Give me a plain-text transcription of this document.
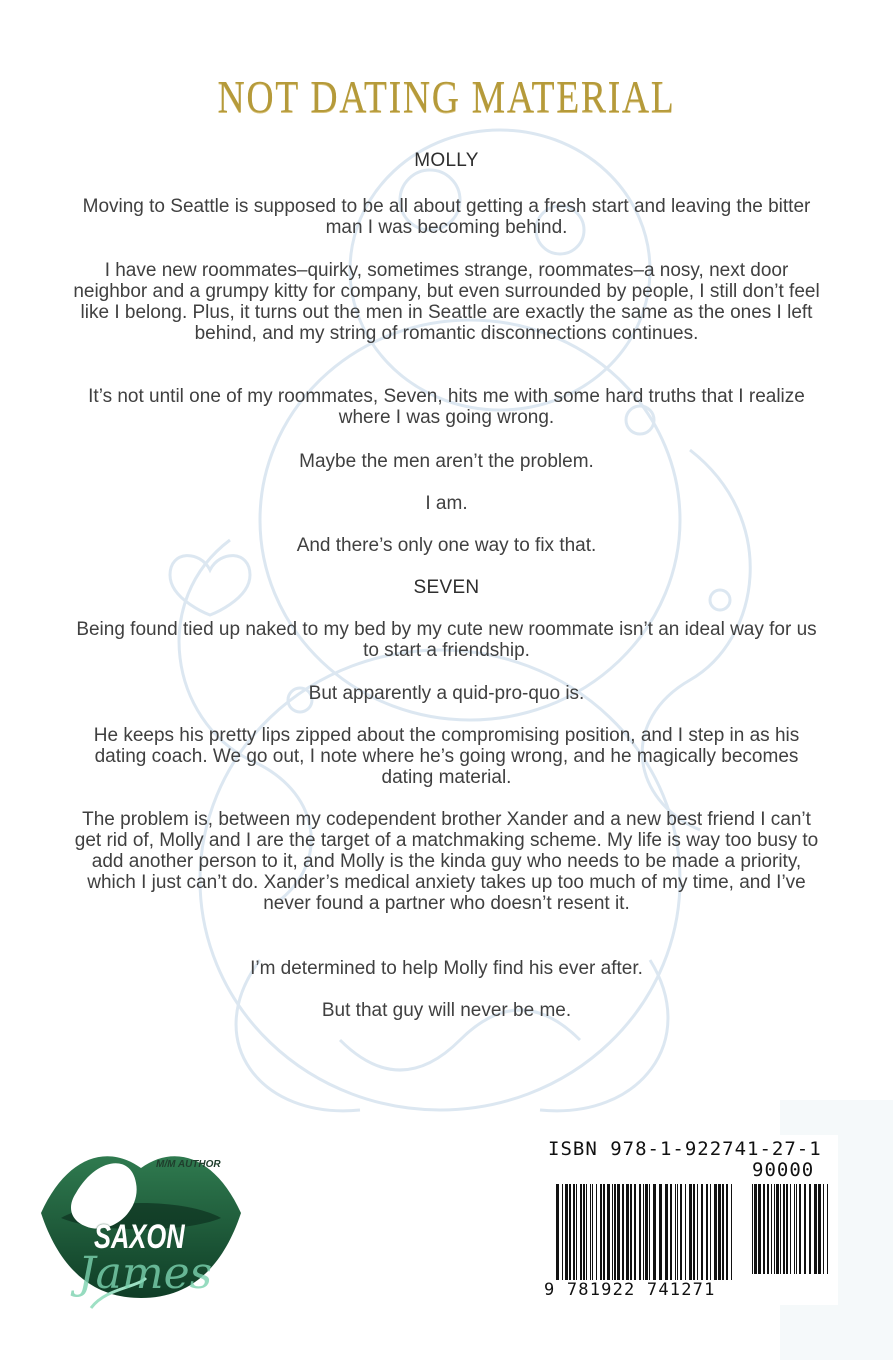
NOT DATING MATERIAL
MOLLY
Moving to Seattle is supposed to be all about getting a fresh start and leaving the bitter man I was becoming behind.
I have new roommates–quirky, sometimes strange, roommates–a nosy, next door neighbor and a grumpy kitty for company, but even surrounded by people, I still don’t feel like I belong. Plus, it turns out the men in Seattle are exactly the same as the ones I left behind, and my string of romantic disconnections continues.
It’s not until one of my roommates, Seven, hits me with some hard truths that I realize where I was going wrong.
Maybe the men aren’t the problem.
I am.
And there’s only one way to fix that.
SEVEN
Being found tied up naked to my bed by my cute new roommate isn’t an ideal way for us to start a friendship.
But apparently a quid-pro-quo is.
He keeps his pretty lips zipped about the compromising position, and I step in as his dating coach. We go out, I note where he’s going wrong, and he magically becomes dating material.
The problem is, between my codependent brother Xander and a new best friend I can’t get rid of, Molly and I are the target of a matchmaking scheme. My life is way too busy to add another person to it, and Molly is the kinda guy who needs to be made a priority, which I just can’t do. Xander’s medical anxiety takes up too much of my time, and I’ve never found a partner who doesn’t resent it.
I’m determined to help Molly find his ever after.
But that guy will never be me.
M/M AUTHOR
SAXON
James
ISBN 978-1-922741-27-1
90000
9 781922 741271
